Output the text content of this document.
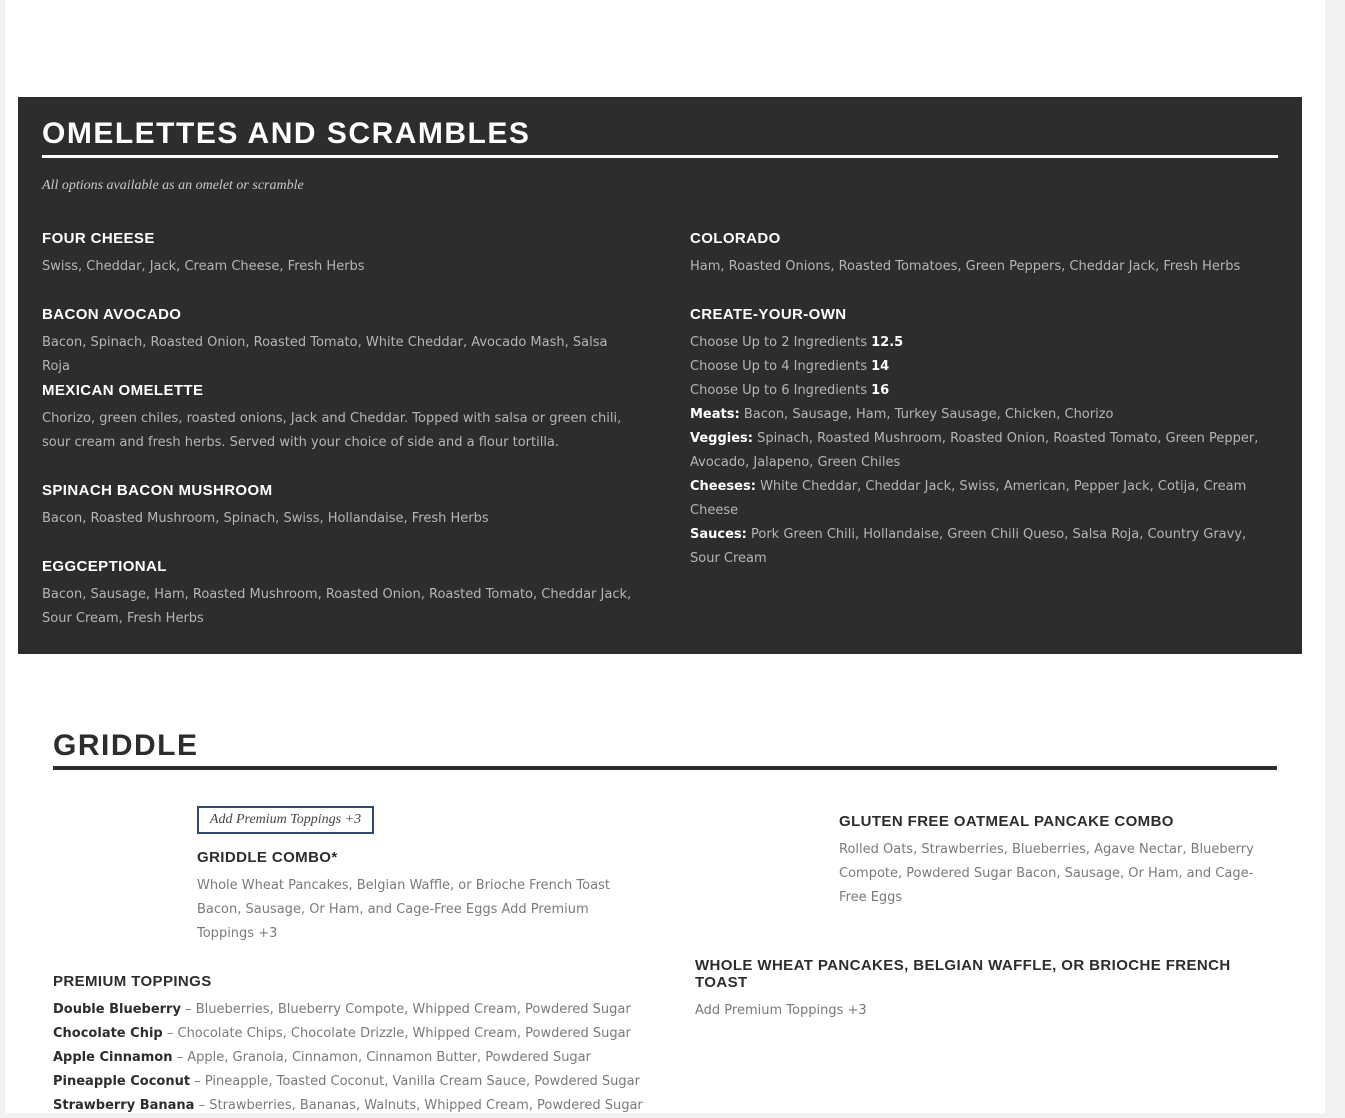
OMELETTES AND SCRAMBLES
All options available as an omelet or scramble
FOUR CHEESE

Swiss, Cheddar, Jack, Cream Cheese, Fresh Herbs

BACON AVOCADO

Bacon, Spinach, Roasted Onion, Roasted Tomato, White Cheddar, Avocado Mash, Salsa Roja

MEXICAN OMELETTE

Chorizo, green chiles, roasted onions, Jack and Cheddar. Topped with salsa or green chili, sour cream and fresh herbs. Served with your choice of side and a flour tortilla.

SPINACH BACON MUSHROOM

Bacon, Roasted Mushroom, Spinach, Swiss, Hollandaise, Fresh Herbs

EGGCEPTIONAL

Bacon, Sausage, Ham, Roasted Mushroom, Roasted Onion, Roasted Tomato, Cheddar Jack, Sour Cream, Fresh Herbs

COLORADO

Ham, Roasted Onions, Roasted Tomatoes, Green Peppers, Cheddar Jack, Fresh Herbs

CREATE-YOUR-OWN

Choose Up to 2 Ingredients 12.5

Choose Up to 4 Ingredients 14

Choose Up to 6 Ingredients 16

Meats: Bacon, Sausage, Ham, Turkey Sausage, Chicken, Chorizo

Veggies: Spinach, Roasted Mushroom, Roasted Onion, Roasted Tomato, Green Pepper, Avocado, Jalapeno, Green Chiles

Cheeses: White Cheddar, Cheddar Jack, Swiss, American, Pepper Jack, Cotija, Cream Cheese

Sauces: Pork Green Chili, Hollandaise, Green Chili Queso, Salsa Roja, Country Gravy, Sour Cream

GRIDDLE
Add Premium Toppings +3
GRIDDLE COMBO*

Whole Wheat Pancakes, Belgian Waffle, or Brioche French Toast Bacon, Sausage, Or Ham, and Cage-Free Eggs Add Premium Toppings +3

GLUTEN FREE OATMEAL PANCAKE COMBO

Rolled Oats, Strawberries, Blueberries, Agave Nectar, Blueberry Compote, Powdered Sugar Bacon, Sausage, Or Ham, and Cage-Free Eggs

WHOLE WHEAT PANCAKES, BELGIAN WAFFLE, OR BRIOCHE FRENCH TOAST

Add Premium Toppings +3

PREMIUM TOPPINGS
Double Blueberry – Blueberries, Blueberry Compote, Whipped Cream, Powdered Sugar
Chocolate Chip – Chocolate Chips, Chocolate Drizzle, Whipped Cream, Powdered Sugar
Apple Cinnamon – Apple, Granola, Cinnamon, Cinnamon Butter, Powdered Sugar
Pineapple Coconut – Pineapple, Toasted Coconut, Vanilla Cream Sauce, Powdered Sugar
Strawberry Banana – Strawberries, Bananas, Walnuts, Whipped Cream, Powdered Sugar
